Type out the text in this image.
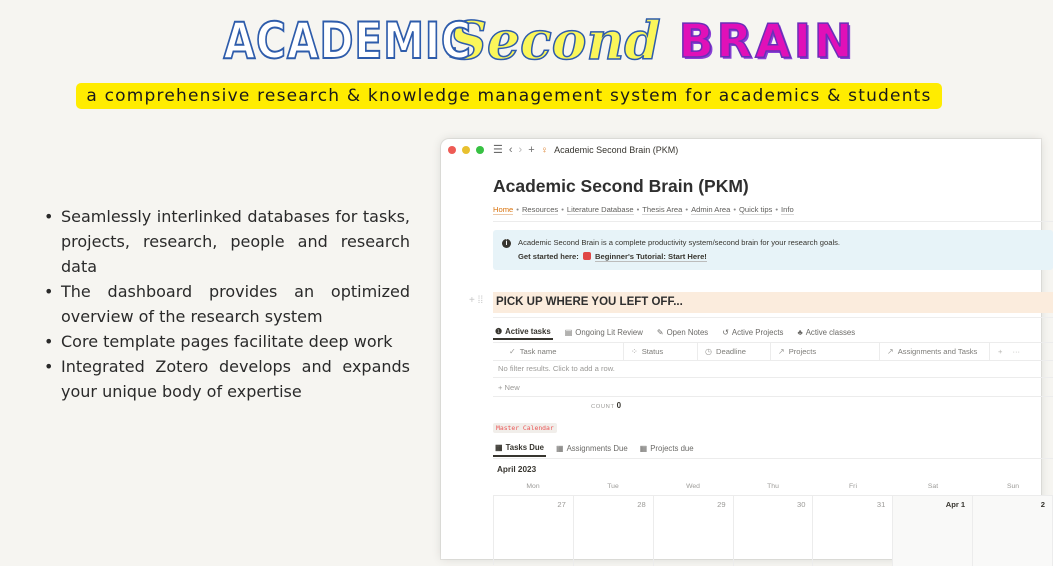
ACADEMIC
Second BRAIN
a comprehensive research & knowledge management system for academics & students
• Seamlessly interlinked databases for tasks,
projects, research, people and research data
• The dashboard provides an optimized
overview of the research system
• Core template pages facilitate deep work
• Integrated Zotero develops and expands
your unique body of expertise
☰ ‹ › + ♀ Academic Second Brain (PKM)
Academic Second Brain (PKM)
Home • Resources • Literature Database • Thesis Area • Admin Area • Quick tips • Info
i	Academic Second Brain is a complete productivity system/second brain for your research goals.
Get started here: Beginner's Tutorial: Start Here!
+ ⁞⁞ PICK UP WHERE YOU LEFT OFF...
❶ Active tasks ▤ Ongoing Lit Review ✎ Open Notes ↺ Active Projects ♣ Active classes
✓ Task name	⁘ Status	◷ Deadline	↗ Projects	↗ Assignments and Tasks	+ ···
No filter results. Click to add a row.
+ New
COUNT 0
Master Calendar
▦ Tasks Due ▦ Assignments Due ▦ Projects due
April 2023
Mon	Tue	Wed	Thu	Fri	Sat	Sun
27	28	29	30	31	Apr 1	2
